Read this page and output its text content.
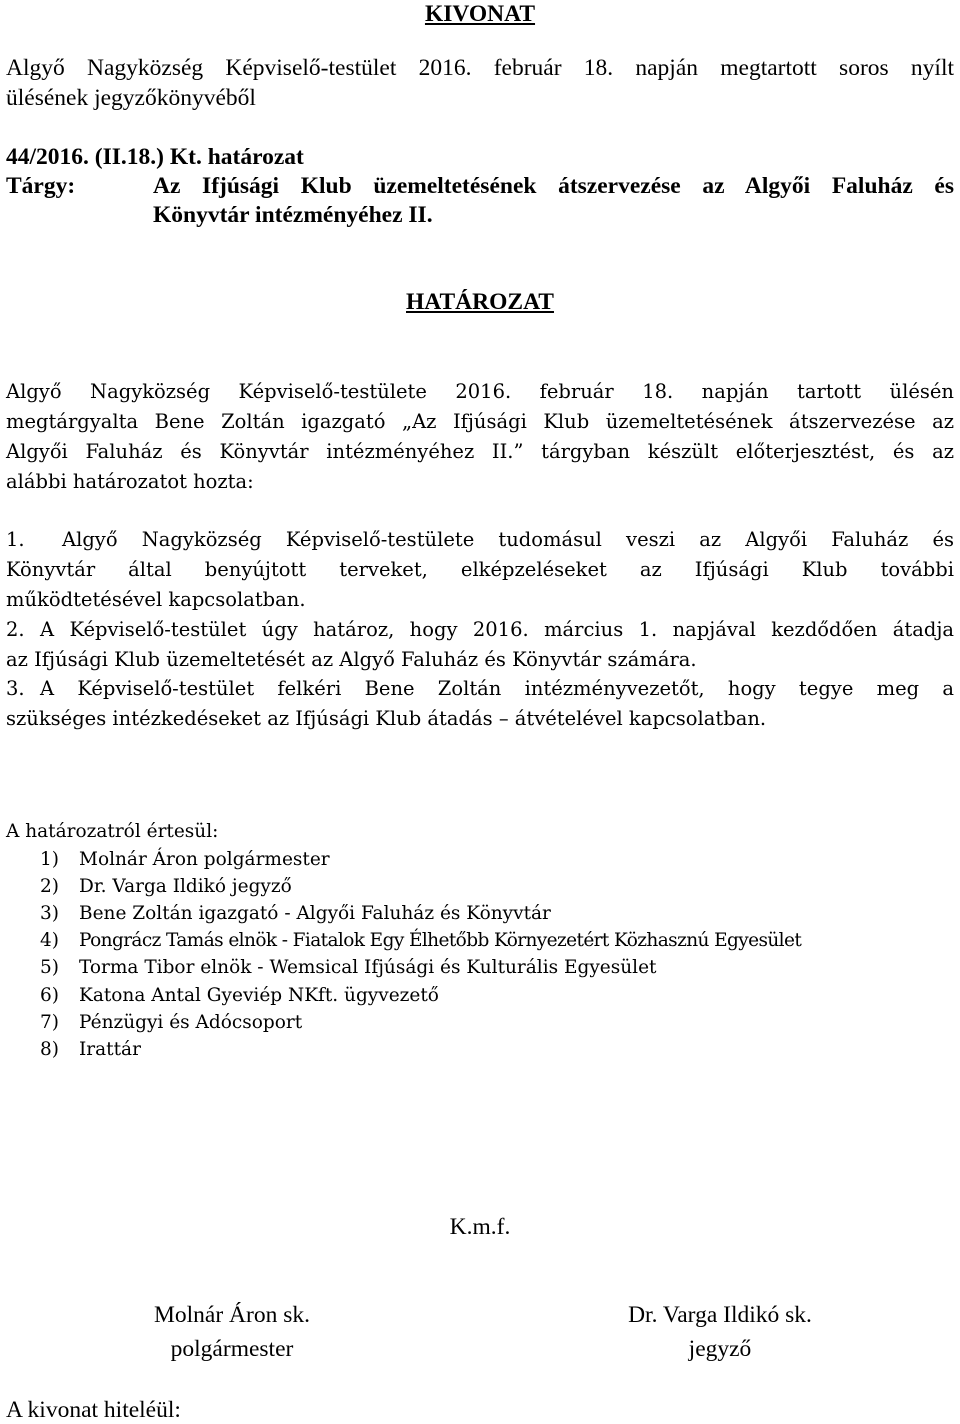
KIVONAT
Algyő Nagyközség Képviselő-testület 2016. február 18. napján megtartott soros nyílt
ülésének jegyzőkönyvéből
44/2016. (II.18.) Kt. határozat
Tárgy:	Az Ifjúsági Klub üzemeltetésének átszervezése az Algyői Faluház és
Könyvtár intézményéhez II.
HATÁROZAT
Algyő Nagyközség Képviselő-testülete 2016. február 18. napján tartott ülésén
megtárgyalta Bene Zoltán igazgató „Az Ifjúsági Klub üzemeltetésének átszervezése az
Algyői Faluház és Könyvtár intézményéhez II.” tárgyban készült előterjesztést, és az
alábbi határozatot hozta:
1. Algyő Nagyközség Képviselő-testülete tudomásul veszi az Algyői Faluház és
Könyvtár által benyújtott terveket, elképzeléseket az Ifjúsági Klub további
működtetésével kapcsolatban.
2. A Képviselő-testület úgy határoz, hogy 2016. március 1. napjával kezdődően átadja
az Ifjúsági Klub üzemeltetését az Algyő Faluház és Könyvtár számára.
3. A Képviselő-testület felkéri Bene Zoltán intézményvezetőt, hogy tegye meg a
szükséges intézkedéseket az Ifjúsági Klub átadás – átvételével kapcsolatban.
A határozatról értesül:
1) Molnár Áron polgármester
2) Dr. Varga Ildikó jegyző
3) Bene Zoltán igazgató - Algyői Faluház és Könyvtár
4) Pongrácz Tamás elnök - Fiatalok Egy Élhetőbb Környezetért Közhasznú Egyesület
5) Torma Tibor elnök - Wemsical Ifjúsági és Kulturális Egyesület
6) Katona Antal Gyeviép NKft. ügyvezető
7) Pénzügyi és Adócsoport
8) Irattár
K.m.f.
Molnár Áron sk.
polgármester
Dr. Varga Ildikó sk.
jegyző
A kivonat hiteléül:
